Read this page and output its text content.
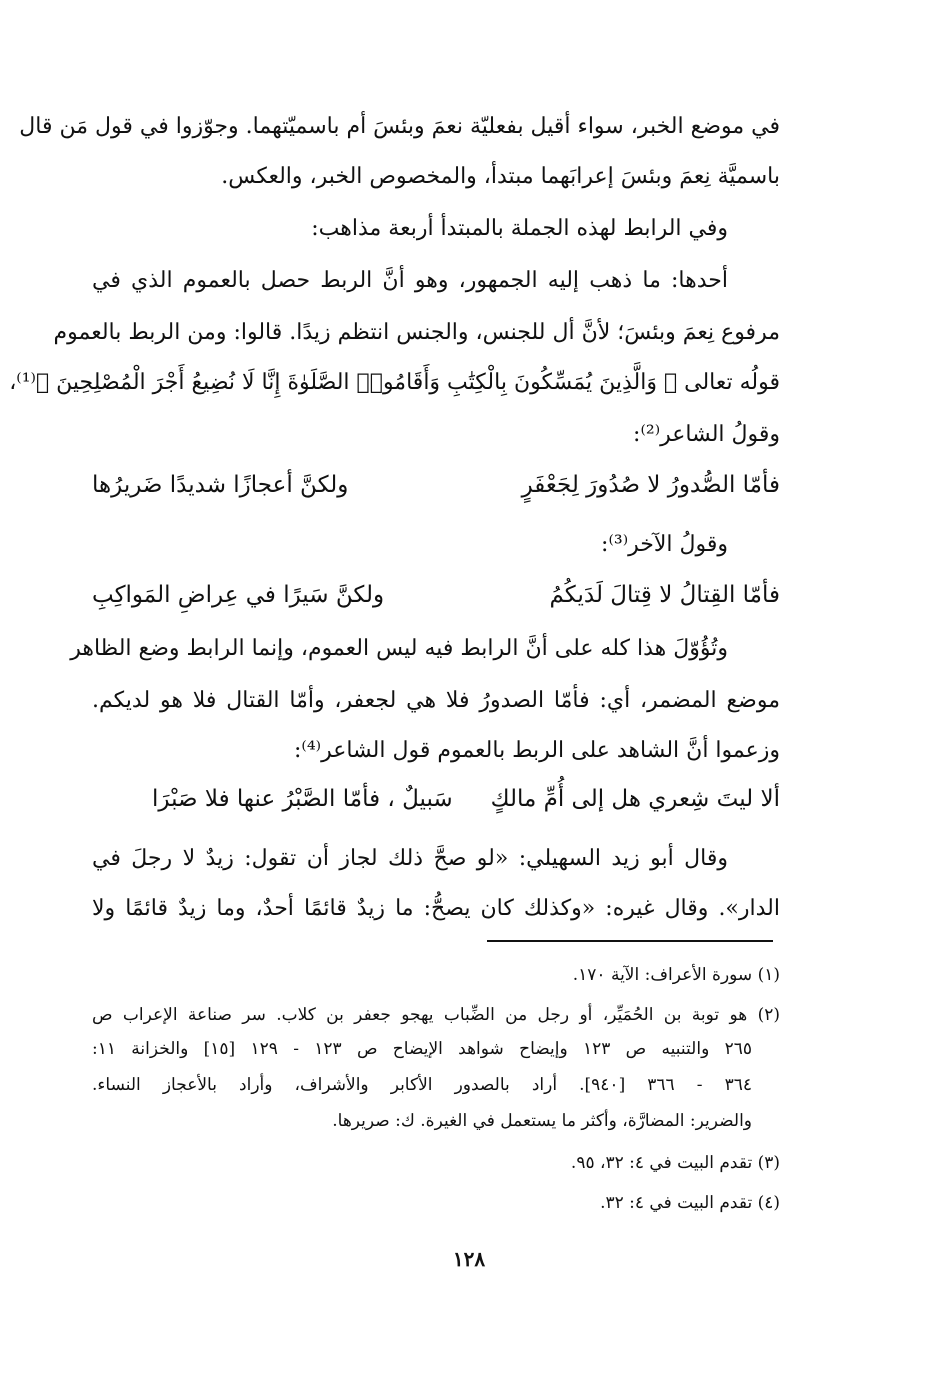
في موضع الخبر، سواء أقيل بفعليّة نعمَ وبئسَ أم باسميّتهما. وجوّزوا في قول مَن قال
باسميَّة نِعمَ وبئسَ إعرابَهما مبتدأ، والمخصوص الخبر، والعكس.
وفي الرابط لهذه الجملة بالمبتدأ أربعة مذاهب:
أحدها: ما ذهب إليه الجمهور، وهو أنَّ الربط حصل بالعموم الذي في
مرفوع نِعمَ وبئسَ؛ لأنَّ أل للجنس، والجنس انتظم زيدًا. قالوا: ومن الربط بالعموم
قولُه تعالى ﴿ وَالَّذِينَ يُمَسِّكُونَ بِالْكِتَٰبِ وَأَقَامُوا۟ الصَّلَوٰةَ إِنَّا لَا نُضِيعُ أَجْرَ الْمُصْلِحِينَ ﴾⁽¹⁾،
وقولُ الشاعر⁽²⁾:
فأمّا الصُّدورُ لا صُدُورَ لِجَعْفَرٍ
ولكنَّ أعجازًا شديدًا ضَريرُها
وقولُ الآخر⁽³⁾:
فأمّا القِتالُ لا قِتالَ لَدَيكُمُ
ولكنَّ سَيرًا في عِراضِ المَواكِبِ
وتُؤُوّلَ هذا كله على أنَّ الرابط فيه ليس العموم، وإنما الرابط وضع الظاهر
موضع المضمر، أي: فأمّا الصدورُ فلا هي لجعفر، وأمّا القتال فلا هو لديكم.
وزعموا أنَّ الشاهد على الربط بالعموم قول الشاعر⁽⁴⁾:
ألا ليتَ شِعري هل إلى أُمِّ مالكٍ
سَبيلٌ ، فأمّا الصَّبْرُ عنها فلا صَبْرَا
وقال أبو زيد السهيلي: «لو صحَّ ذلك لجاز أن تقول: زيدٌ لا رجلَ في
الدار». وقال غيره: «وكذلك كان يصحُّ: ما زيدٌ قائمًا أحدٌ، وما زيدٌ قائمًا ولا
(١) سورة الأعراف: الآية ١٧٠.
(٢) هو توبة بن الحُمَيِّر، أو رجل من الضِّباب يهجو جعفر بن كلاب. سر صناعة الإعراب ص
٢٦٥ والتنبيه ص ١٢٣ وإيضاح شواهد الإيضاح ص ١٢٣ - ١٢٩ [١٥] والخزانة ١١:
٣٦٤ - ٣٦٦ [٩٤٠]. أراد بالصدور الأكابر والأشراف، وأراد بالأعجاز النساء.
والضرير: المضارَّة، وأكثر ما يستعمل في الغيرة. ك: صريرها.
(٣) تقدم البيت في ٤: ٣٢، ٩٥.
(٤) تقدم البيت في ٤: ٣٢.
١٢٨
